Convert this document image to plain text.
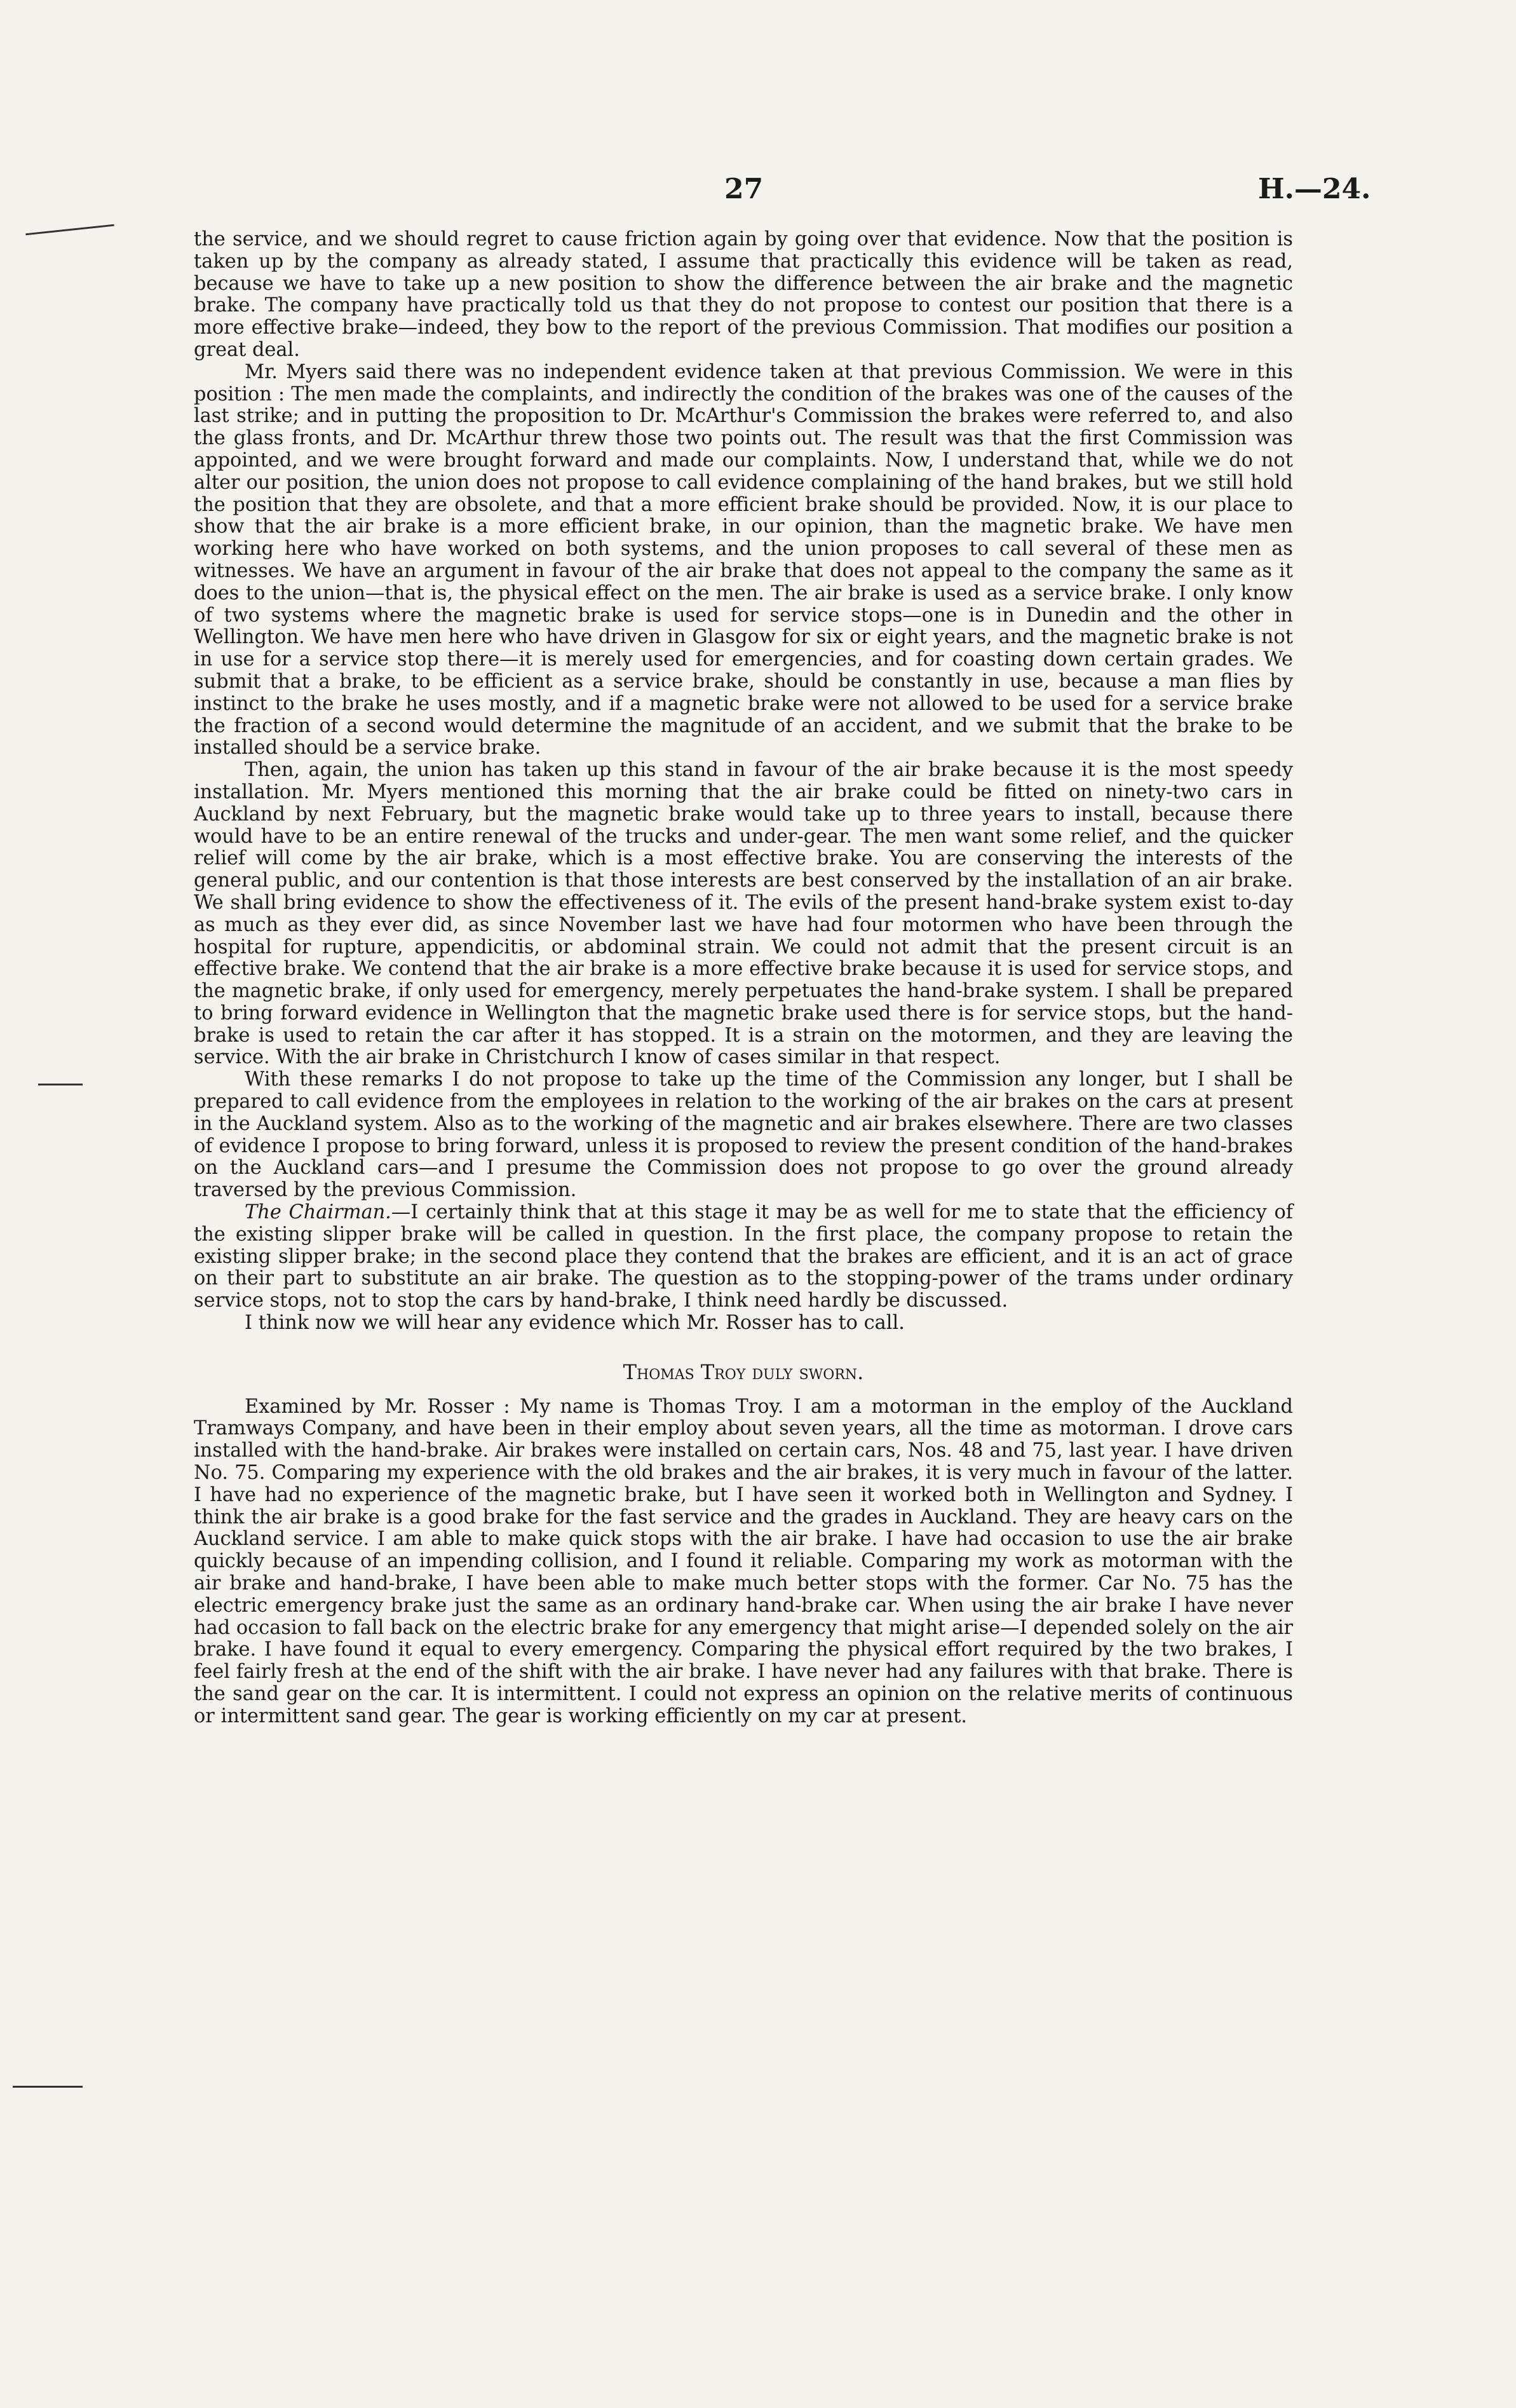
27	H.—24.

the service, and we should regret to cause friction again by going over that evidence. Now that the position is taken up by the company as already stated, I assume that practically this evidence will be taken as read, because we have to take up a new position to show the difference between the air brake and the magnetic brake. The company have practically told us that they do not propose to contest our position that there is a more effective brake—indeed, they bow to the report of the previous Commission. That modifies our position a great deal.

Mr. Myers said there was no independent evidence taken at that previous Commission. We were in this position : The men made the complaints, and indirectly the condition of the brakes was one of the causes of the last strike; and in putting the proposition to Dr. McArthur's Commission the brakes were referred to, and also the glass fronts, and Dr. McArthur threw those two points out. The result was that the first Commission was appointed, and we were brought forward and made our complaints. Now, I understand that, while we do not alter our position, the union does not propose to call evidence complaining of the hand brakes, but we still hold the position that they are obsolete, and that a more efficient brake should be provided. Now, it is our place to show that the air brake is a more efficient brake, in our opinion, than the magnetic brake. We have men working here who have worked on both systems, and the union proposes to call several of these men as witnesses. We have an argument in favour of the air brake that does not appeal to the company the same as it does to the union—that is, the physical effect on the men. The air brake is used as a service brake. I only know of two systems where the magnetic brake is used for service stops—one is in Dunedin and the other in Wellington. We have men here who have driven in Glasgow for six or eight years, and the magnetic brake is not in use for a service stop there—it is merely used for emergencies, and for coasting down certain grades. We submit that a brake, to be efficient as a service brake, should be constantly in use, because a man flies by instinct to the brake he uses mostly, and if a magnetic brake were not allowed to be used for a service brake the fraction of a second would determine the magnitude of an accident, and we submit that the brake to be installed should be a service brake.

Then, again, the union has taken up this stand in favour of the air brake because it is the most speedy installation. Mr. Myers mentioned this morning that the air brake could be fitted on ninety-two cars in Auckland by next February, but the magnetic brake would take up to three years to install, because there would have to be an entire renewal of the trucks and under-gear. The men want some relief, and the quicker relief will come by the air brake, which is a most effective brake. You are conserving the interests of the general public, and our contention is that those interests are best conserved by the installation of an air brake. We shall bring evidence to show the effectiveness of it. The evils of the present hand-brake system exist to-day as much as they ever did, as since November last we have had four motormen who have been through the hospital for rupture, appendicitis, or abdominal strain. We could not admit that the present circuit is an effective brake. We contend that the air brake is a more effective brake because it is used for service stops, and the magnetic brake, if only used for emergency, merely perpetuates the hand-brake system. I shall be prepared to bring forward evidence in Wellington that the magnetic brake used there is for service stops, but the hand-brake is used to retain the car after it has stopped. It is a strain on the motormen, and they are leaving the service. With the air brake in Christchurch I know of cases similar in that respect.

With these remarks I do not propose to take up the time of the Commission any longer, but I shall be prepared to call evidence from the employees in relation to the working of the air brakes on the cars at present in the Auckland system. Also as to the working of the magnetic and air brakes elsewhere. There are two classes of evidence I propose to bring forward, unless it is proposed to review the present condition of the hand-brakes on the Auckland cars—and I presume the Commission does not propose to go over the ground already traversed by the previous Commission.

The Chairman.—I certainly think that at this stage it may be as well for me to state that the efficiency of the existing slipper brake will be called in question. In the first place, the company propose to retain the existing slipper brake; in the second place they contend that the brakes are efficient, and it is an act of grace on their part to substitute an air brake. The question as to the stopping-power of the trams under ordinary service stops, not to stop the cars by hand-brake, I think need hardly be discussed.

I think now we will hear any evidence which Mr. Rosser has to call.

Thomas Troy duly sworn.

Examined by Mr. Rosser : My name is Thomas Troy. I am a motorman in the employ of the Auckland Tramways Company, and have been in their employ about seven years, all the time as motorman. I drove cars installed with the hand-brake. Air brakes were installed on certain cars, Nos. 48 and 75, last year. I have driven No. 75. Comparing my experience with the old brakes and the air brakes, it is very much in favour of the latter. I have had no experience of the magnetic brake, but I have seen it worked both in Wellington and Sydney. I think the air brake is a good brake for the fast service and the grades in Auckland. They are heavy cars on the Auckland service. I am able to make quick stops with the air brake. I have had occasion to use the air brake quickly because of an impending collision, and I found it reliable. Comparing my work as motorman with the air brake and hand-brake, I have been able to make much better stops with the former. Car No. 75 has the electric emergency brake just the same as an ordinary hand-brake car. When using the air brake I have never had occasion to fall back on the electric brake for any emergency that might arise—I depended solely on the air brake. I have found it equal to every emergency. Comparing the physical effort required by the two brakes, I feel fairly fresh at the end of the shift with the air brake. I have never had any failures with that brake. There is the sand gear on the car. It is intermittent. I could not express an opinion on the relative merits of continuous or intermittent sand gear. The gear is working efficiently on my car at present.
